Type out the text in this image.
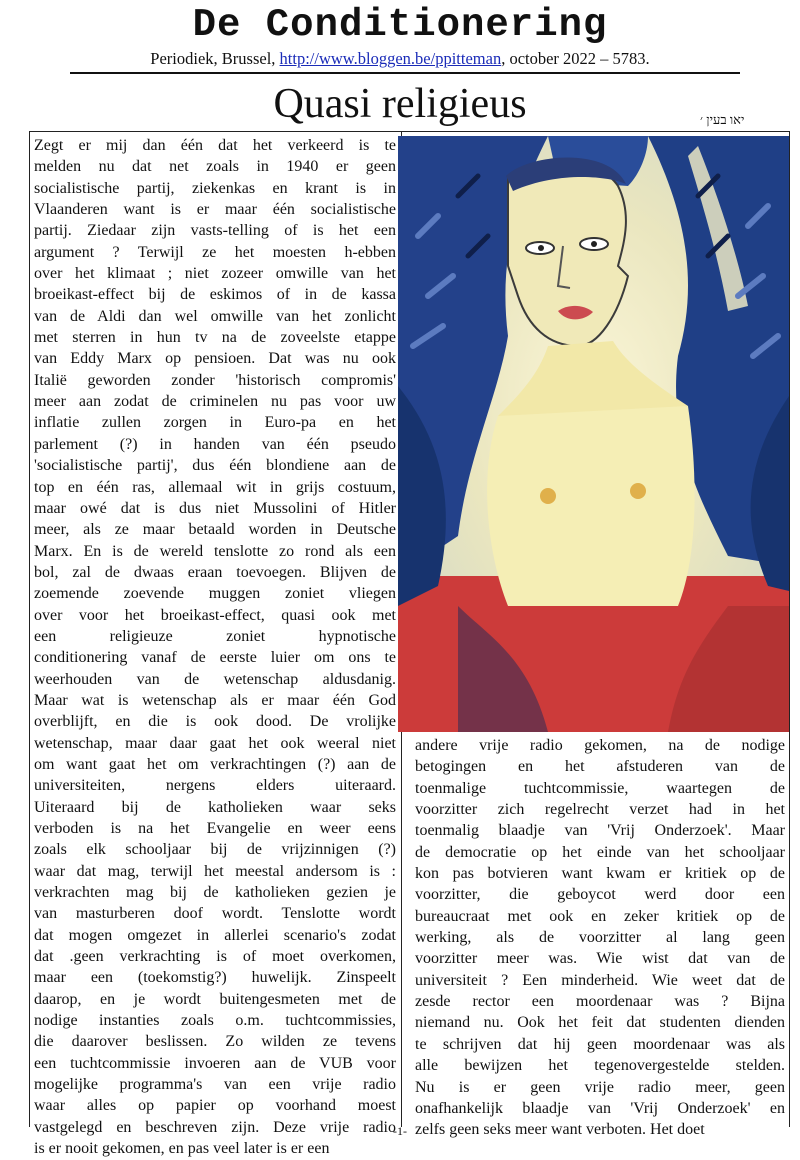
De Conditionering
Periodiek, Brussel, http://www.bloggen.be/ppitteman, october 2022 – 5783.
Quasi religieus	יאו בעין ׳
Zegt er mij dan één dat het verkeerd is te
melden nu dat net zoals in 1940 er geen
socialistische partij, ziekenkas en krant is in
Vlaanderen want is er maar één socialistische
partij. Ziedaar zijn vasts-telling of is het een
argument ? Terwijl ze het moesten h-ebben
over het klimaat ; niet zozeer omwille van het
broeikast-effect bij de eskimos of in de kassa
van de Aldi dan wel omwille van het zonlicht
met sterren in hun tv na de zoveelste etappe
van Eddy Marx op pensioen. Dat was nu ook
Italië geworden zonder 'historisch compromis'
meer aan zodat de criminelen nu pas voor uw
inflatie zullen zorgen in Euro-pa en het
parlement (?) in handen van één pseudo
'socialistische partij', dus één blondiene aan de
top en één ras, allemaal wit in grijs costuum,
maar owé dat is dus niet Mussolini of Hitler
meer, als ze maar betaald worden in Deutsche
Marx. En is de wereld tenslotte zo rond als een
bol, zal de dwaas eraan toevoegen. Blijven de
zoemende zoevende muggen zoniet vliegen
over voor het broeikast-effect, quasi ook met
een religieuze zoniet hypnotische
conditionering vanaf de eerste luier om ons te
weerhouden van de wetenschap aldusdanig.
Maar wat is wetenschap als er maar één God
overblijft, en die is ook dood. De vrolijke
wetenschap, maar daar gaat het ook weeral niet
om want gaat het om verkrachtingen (?) aan de
universiteiten, nergens elders uiteraard.
Uiteraard bij de katholieken waar seks
verboden is na het Evangelie en weer eens
zoals elk schooljaar bij de vrijzinnigen (?)
waar dat mag, terwijl het meestal andersom is :
verkrachten mag bij de katholieken gezien je
van masturberen doof wordt. Tenslotte wordt
dat mogen omgezet in allerlei scenario's zodat
dat .geen verkrachting is of moet overkomen,
maar een (toekomstig?) huwelijk. Zinspeelt
daarop, en je wordt buitengesmeten met de
nodige instanties zoals o.m. tuchtcommissies,
die daarover beslissen. Zo wilden ze tevens
een tuchtcommissie invoeren aan de VUB voor
mogelijke programma's van een vrije radio
waar alles op papier op voorhand moest
vastgelegd en beschreven zijn. Deze vrije radio
is er nooit gekomen, en pas veel later is er een
andere vrije radio gekomen, na de nodige
betogingen en het afstuderen van de
toenmalige tuchtcommissie, waartegen de
voorzitter zich regelrecht verzet had in het
toenmalig blaadje van 'Vrij Onderzoek'. Maar
de democratie op het einde van het schooljaar
kon pas botvieren want kwam er kritiek op de
voorzitter, die geboycot werd door een
bureaucraat met ook en zeker kritiek op de
werking, als de voorzitter al lang geen
voorzitter meer was. Wie wist dat van de
universiteit ? Een minderheid. Wie weet dat de
zesde rector een moordenaar was ? Bijna
niemand nu. Ook het feit dat studenten dienden
te schrijven dat hij geen moordenaar was als
alle bewijzen het tegenovergestelde stelden.
Nu is er geen vrije radio meer, geen
onafhankelijk blaadje van 'Vrij Onderzoek' en
zelfs geen seks meer want verboten. Het doet
-1-
